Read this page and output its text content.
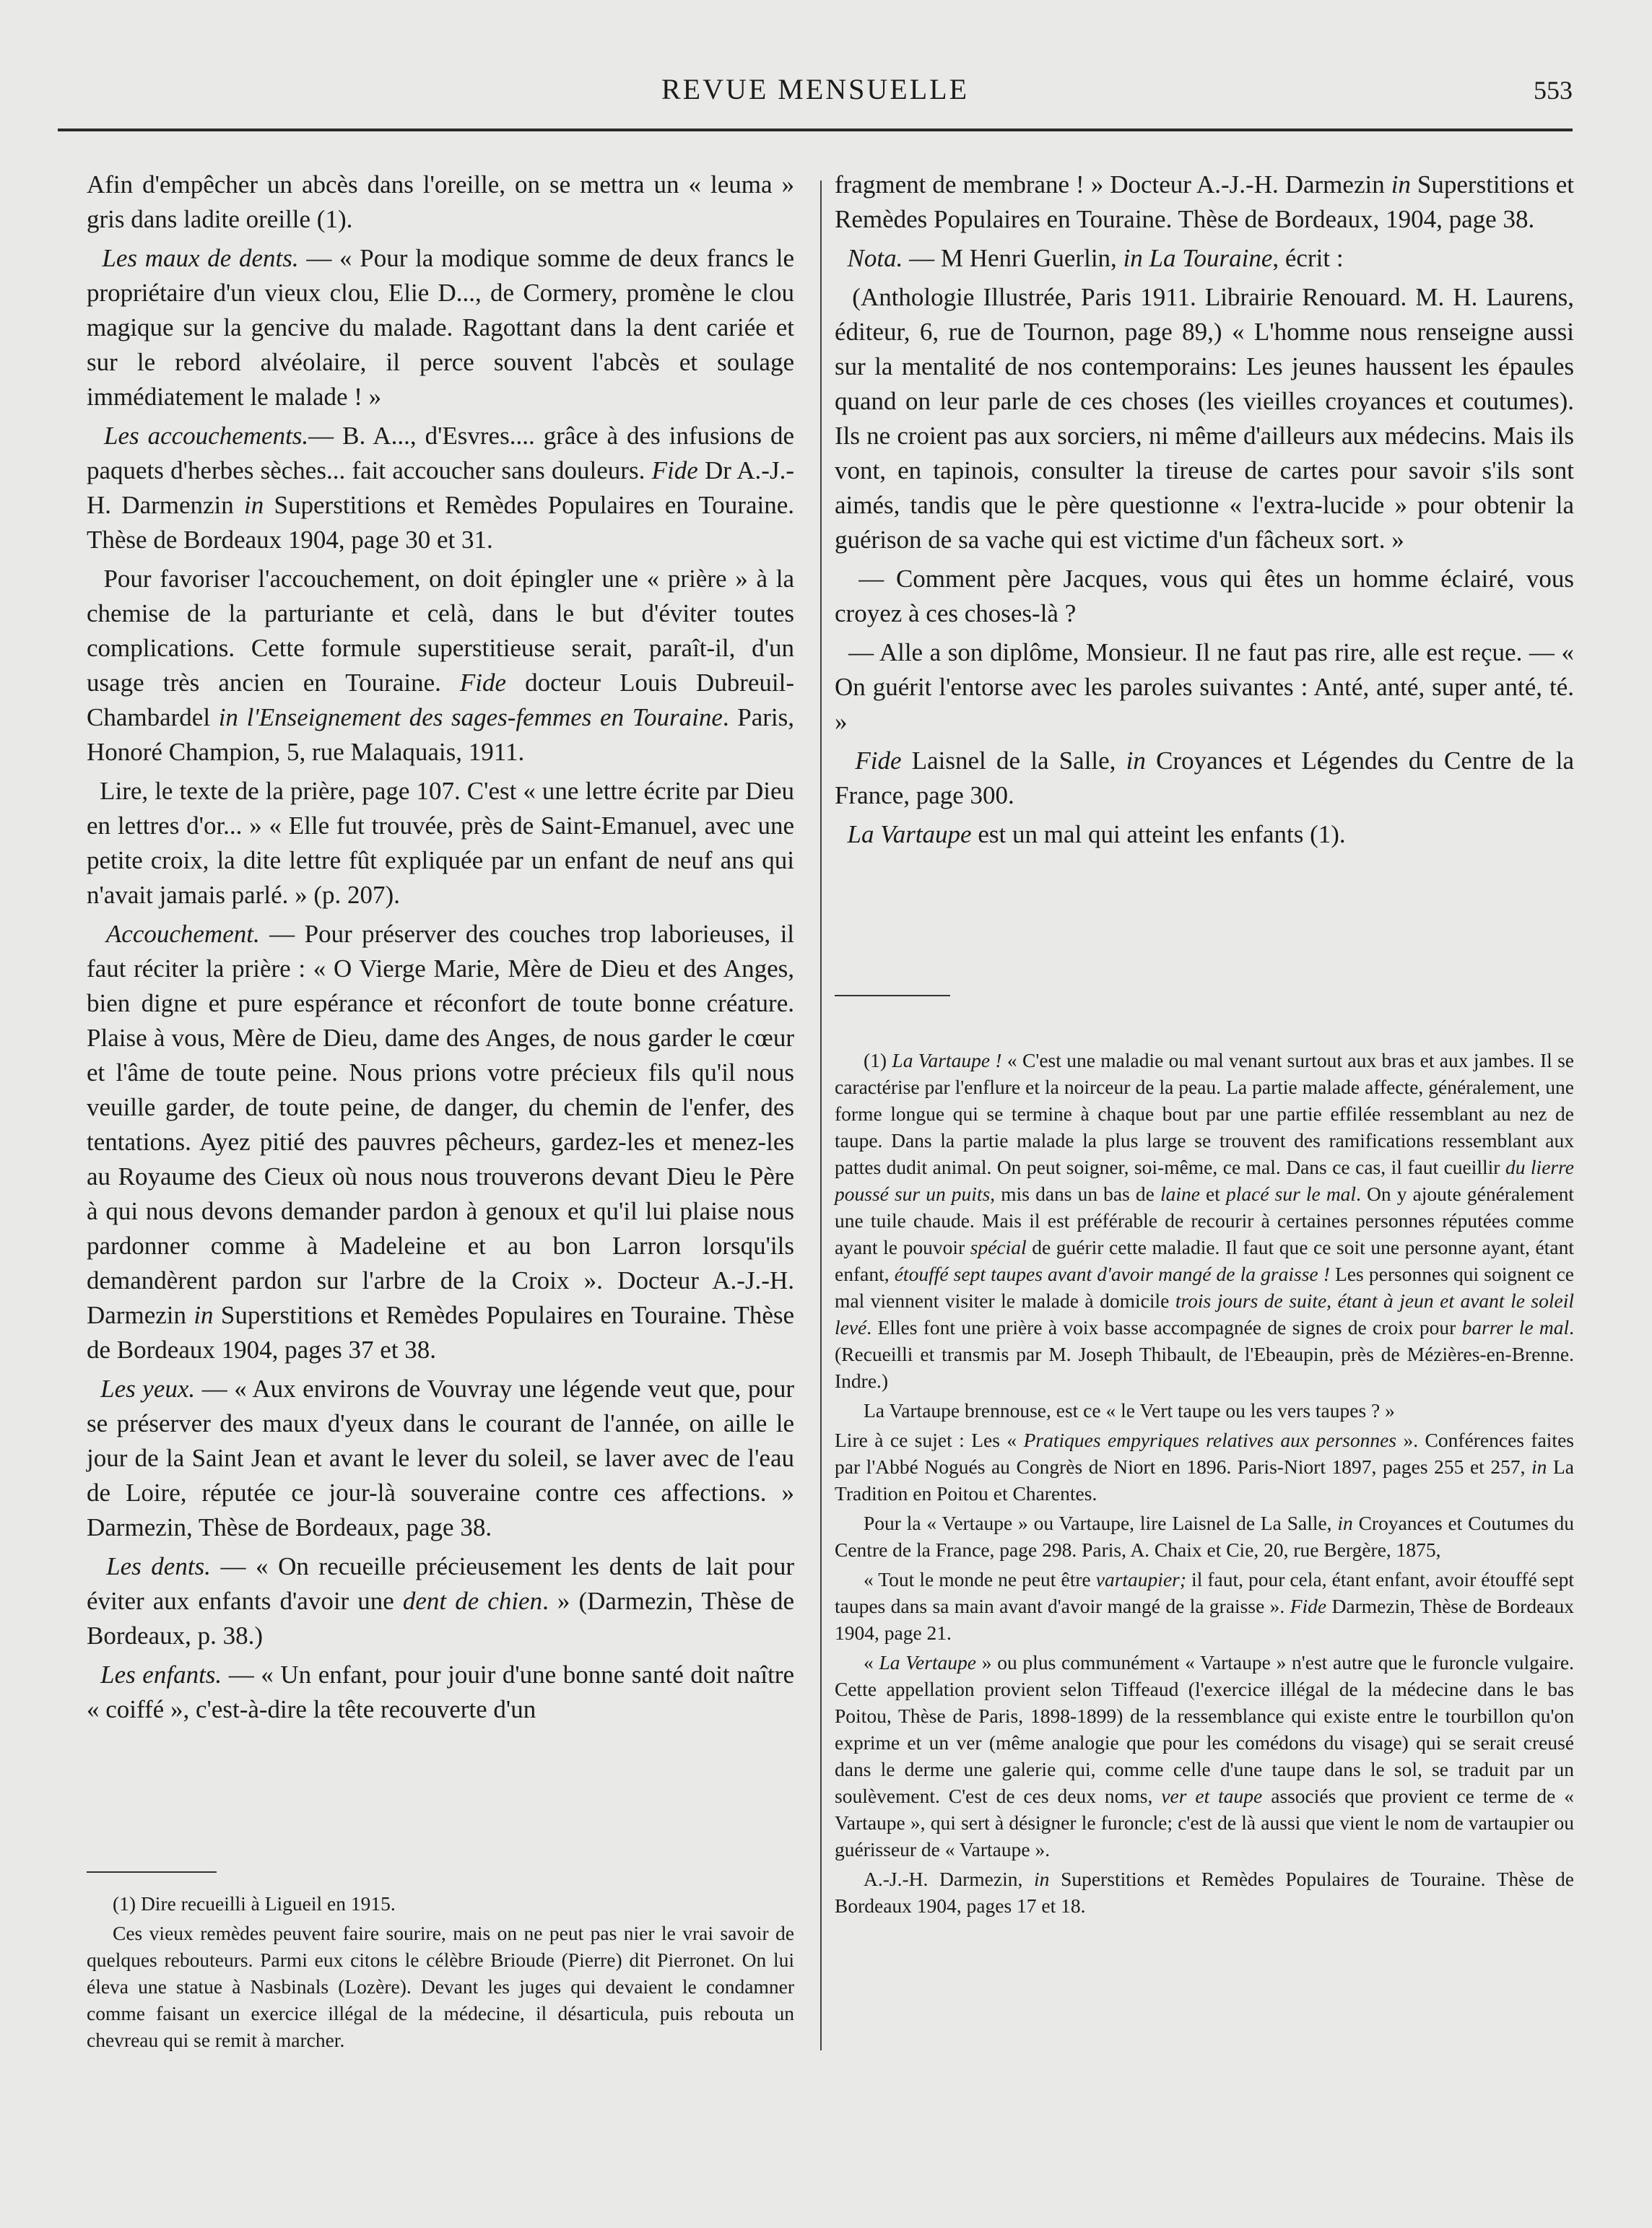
REVUE MENSUELLE	553

Afin d'empêcher un abcès dans l'oreille, on se mettra un « leuma » gris dans ladite oreille (1).

Les maux de dents. — « Pour la modique somme de deux francs le propriétaire d'un vieux clou, Elie D..., de Cormery, promène le clou magique sur la gencive du malade. Ragottant dans la dent cariée et sur le rebord alvéolaire, il perce souvent l'abcès et soulage immédiatement le malade ! »

Les accouchements.— B. A..., d'Esvres.... grâce à des infusions de paquets d'herbes sèches... fait accoucher sans douleurs. Fide Dr A.-J.-H. Darmenzin in Superstitions et Remèdes Populaires en Touraine. Thèse de Bordeaux 1904, page 30 et 31.

Pour favoriser l'accouchement, on doit épingler une « prière » à la chemise de la parturiante et celà, dans le but d'éviter toutes complications. Cette formule superstitieuse serait, paraît-il, d'un usage très ancien en Touraine. Fide docteur Louis Dubreuil-Chambardel in l'Enseignement des sages-femmes en Touraine. Paris, Honoré Champion, 5, rue Malaquais, 1911.

Lire, le texte de la prière, page 107. C'est « une lettre écrite par Dieu en lettres d'or... » « Elle fut trouvée, près de Saint-Emanuel, avec une petite croix, la dite lettre fût expliquée par un enfant de neuf ans qui n'avait jamais parlé. » (p. 207).

Accouchement. — Pour préserver des couches trop laborieuses, il faut réciter la prière : « O Vierge Marie, Mère de Dieu et des Anges, bien digne et pure espérance et réconfort de toute bonne créature. Plaise à vous, Mère de Dieu, dame des Anges, de nous garder le cœur et l'âme de toute peine. Nous prions votre précieux fils qu'il nous veuille garder, de toute peine, de danger, du chemin de l'enfer, des tentations. Ayez pitié des pauvres pêcheurs, gardez-les et menez-les au Royaume des Cieux où nous nous trouverons devant Dieu le Père à qui nous devons demander pardon à genoux et qu'il lui plaise nous pardonner comme à Madeleine et au bon Larron lorsqu'ils demandèrent pardon sur l'arbre de la Croix ». Docteur A.-J.-H. Darmezin in Superstitions et Remèdes Populaires en Touraine. Thèse de Bordeaux 1904, pages 37 et 38.

Les yeux. — « Aux environs de Vouvray une légende veut que, pour se préserver des maux d'yeux dans le courant de l'année, on aille le jour de la Saint Jean et avant le lever du soleil, se laver avec de l'eau de Loire, réputée ce jour-là souveraine contre ces affections. » Darmezin, Thèse de Bordeaux, page 38.

Les dents. — « On recueille précieusement les dents de lait pour éviter aux enfants d'avoir une dent de chien. » (Darmezin, Thèse de Bordeaux, p. 38.)

Les enfants. — « Un enfant, pour jouir d'une bonne santé doit naître « coiffé », c'est-à-dire la tête recouverte d'un

(1) Dire recueilli à Ligueil en 1915.

Ces vieux remèdes peuvent faire sourire, mais on ne peut pas nier le vrai savoir de quelques rebouteurs. Parmi eux citons le célèbre Brioude (Pierre) dit Pierronet. On lui éleva une statue à Nasbinals (Lozère). Devant les juges qui devaient le condamner comme faisant un exercice illégal de la médecine, il désarticula, puis rebouta un chevreau qui se remit à marcher.

fragment de membrane ! » Docteur A.-J.-H. Darmezin in Superstitions et Remèdes Populaires en Touraine. Thèse de Bordeaux, 1904, page 38.

Nota. — M Henri Guerlin, in La Touraine, écrit :

(Anthologie Illustrée, Paris 1911. Librairie Renouard. M. H. Laurens, éditeur, 6, rue de Tournon, page 89,) « L'homme nous renseigne aussi sur la mentalité de nos contemporains: Les jeunes haussent les épaules quand on leur parle de ces choses (les vieilles croyances et coutumes). Ils ne croient pas aux sorciers, ni même d'ailleurs aux médecins. Mais ils vont, en tapinois, consulter la tireuse de cartes pour savoir s'ils sont aimés, tandis que le père questionne « l'extra-lucide » pour obtenir la guérison de sa vache qui est victime d'un fâcheux sort. »

— Comment père Jacques, vous qui êtes un homme éclairé, vous croyez à ces choses-là ?

— Alle a son diplôme, Monsieur. Il ne faut pas rire, alle est reçue. — « On guérit l'entorse avec les paroles suivantes : Anté, anté, super anté, té. »

Fide Laisnel de la Salle, in Croyances et Légendes du Centre de la France, page 300.

La Vartaupe est un mal qui atteint les enfants (1).

(1) La Vartaupe ! « C'est une maladie ou mal venant surtout aux bras et aux jambes. Il se caractérise par l'enflure et la noirceur de la peau. La partie malade affecte, généralement, une forme longue qui se termine à chaque bout par une partie effilée ressemblant au nez de taupe. Dans la partie malade la plus large se trouvent des ramifications ressemblant aux pattes dudit animal. On peut soigner, soi-même, ce mal. Dans ce cas, il faut cueillir du lierre poussé sur un puits, mis dans un bas de laine et placé sur le mal. On y ajoute généralement une tuile chaude. Mais il est préférable de recourir à certaines personnes réputées comme ayant le pouvoir spécial de guérir cette maladie. Il faut que ce soit une personne ayant, étant enfant, étouffé sept taupes avant d'avoir mangé de la graisse ! Les personnes qui soignent ce mal viennent visiter le malade à domicile trois jours de suite, étant à jeun et avant le soleil levé. Elles font une prière à voix basse accompagnée de signes de croix pour barrer le mal. (Recueilli et transmis par M. Joseph Thibault, de l'Ebeaupin, près de Mézières-en-Brenne. Indre.)

La Vartaupe brennouse, est ce « le Vert taupe ou les vers taupes ? »

Lire à ce sujet : Les « Pratiques empyriques relatives aux personnes ». Conférences faites par l'Abbé Nogués au Congrès de Niort en 1896. Paris-Niort 1897, pages 255 et 257, in La Tradition en Poitou et Charentes.

Pour la « Vertaupe » ou Vartaupe, lire Laisnel de La Salle, in Croyances et Coutumes du Centre de la France, page 298. Paris, A. Chaix et Cie, 20, rue Bergère, 1875,

« Tout le monde ne peut être vartaupier; il faut, pour cela, étant enfant, avoir étouffé sept taupes dans sa main avant d'avoir mangé de la graisse ». Fide Darmezin, Thèse de Bordeaux 1904, page 21.

« La Vertaupe » ou plus communément « Vartaupe » n'est autre que le furoncle vulgaire. Cette appellation provient selon Tiffeaud (l'exercice illégal de la médecine dans le bas Poitou, Thèse de Paris, 1898-1899) de la ressemblance qui existe entre le tourbillon qu'on exprime et un ver (même analogie que pour les comédons du visage) qui se serait creusé dans le derme une galerie qui, comme celle d'une taupe dans le sol, se traduit par un soulèvement. C'est de ces deux noms, ver et taupe associés que provient ce terme de « Vartaupe », qui sert à désigner le furoncle; c'est de là aussi que vient le nom de vartaupier ou guérisseur de « Vartaupe ».

A.-J.-H. Darmezin, in Superstitions et Remèdes Populaires de Touraine. Thèse de Bordeaux 1904, pages 17 et 18.
